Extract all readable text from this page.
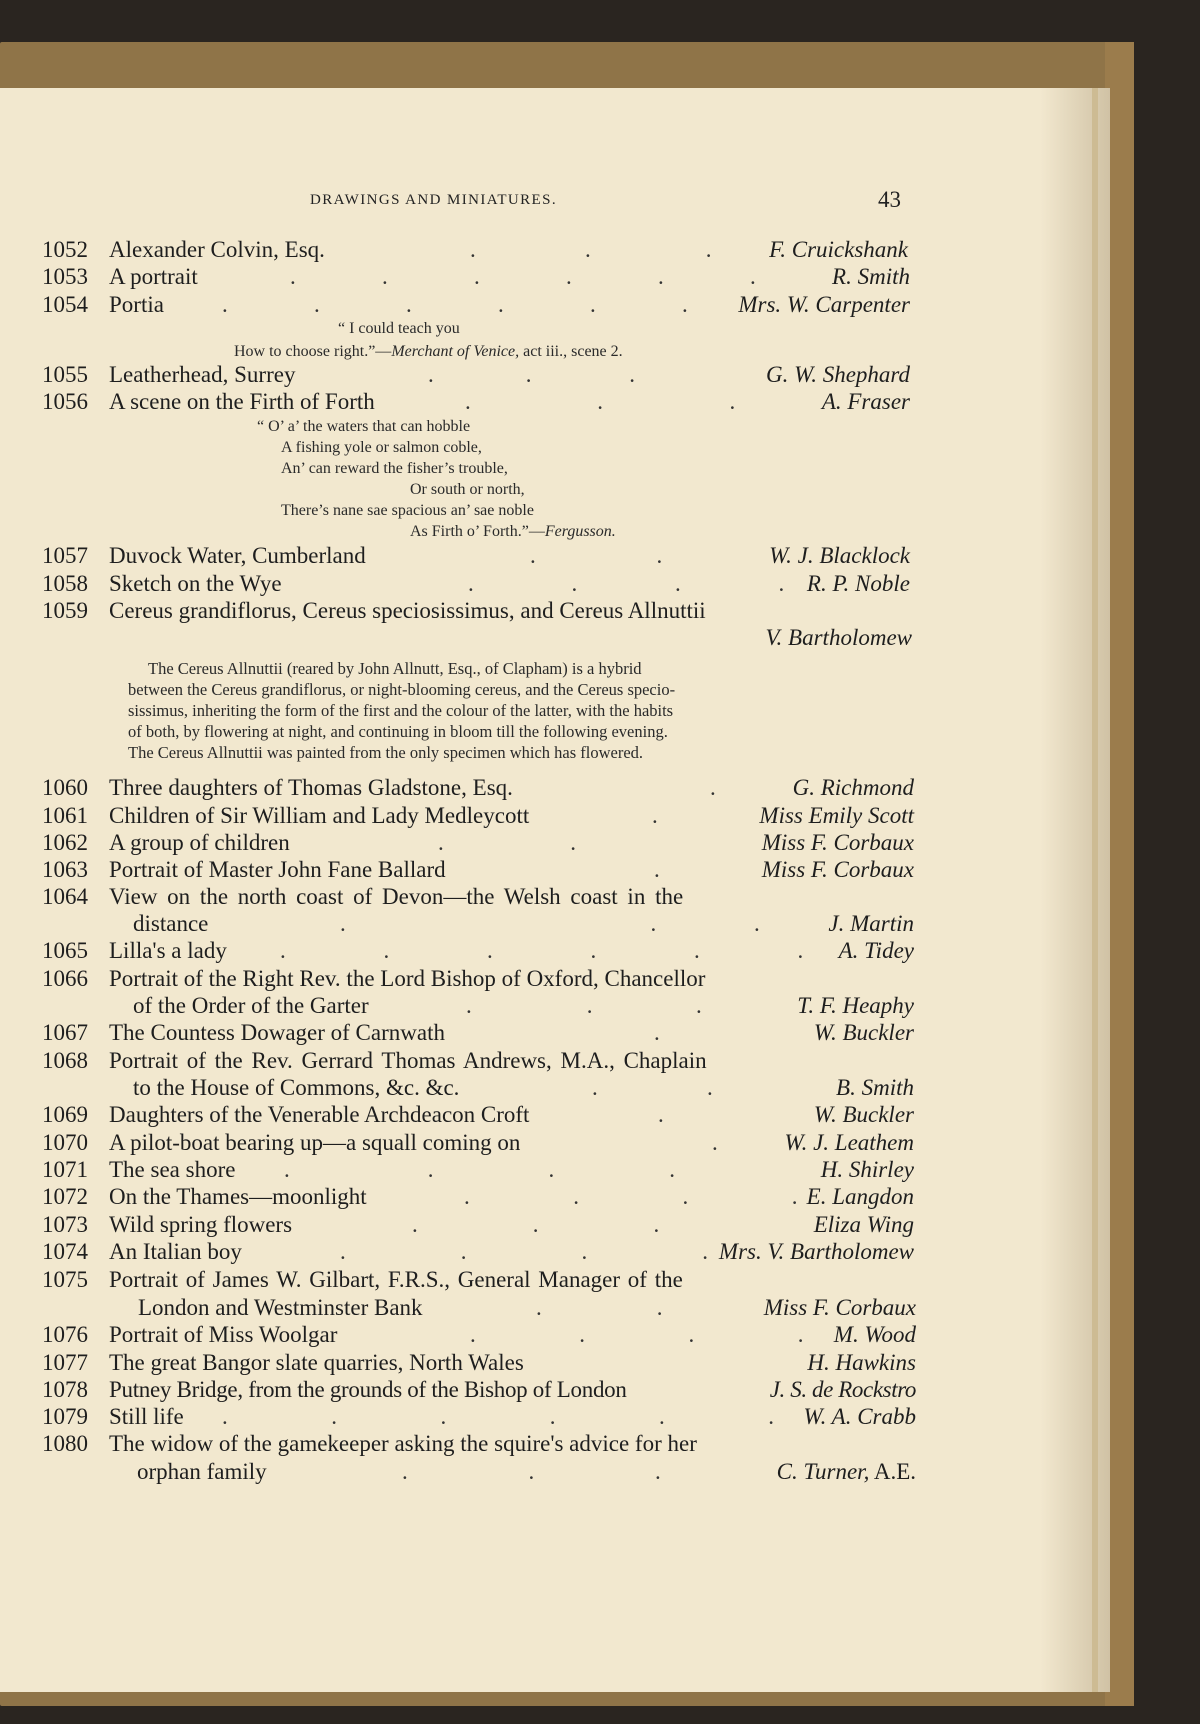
DRAWINGS AND MINIATURES.	43
1052 Alexander Colvin, Esq.	.                   .                    .	F. Cruickshank
1053 A portrait	.               .               .               .               .               .	R. Smith
1054 Portia	.               .               .               .               .               . Mrs. W. Carpenter
“ I could teach you
How to choose right.”—Merchant of Venice, act iii., scene 2.
1055 Leatherhead, Surrey	.                .                 .	G. W. Shephard
1056 A scene on the Firth of Forth	.                      .                      .	A. Fraser
“ O’ a’ the waters that can hobble
A fishing yole or salmon coble,
An’ can reward the fisher’s trouble,
Or south or north,
There’s nane sae spacious an’ sae noble
As Firth o’ Forth.”—Fergusson.
1057 Duvock Water, Cumberland	.                     .	W. J. Blacklock
1058 Sketch on the Wye	.                 .                 .                 . R. P. Noble
1059 Cereus grandiflorus, Cereus speciosissimus, and Cereus Allnuttii
V. Bartholomew
The Cereus Allnuttii (reared by John Allnutt, Esq., of Clapham) is a hybrid
between the Cereus grandiflorus, or night-blooming cereus, and the Cereus specio-
sissimus, inheriting the form of the first and the colour of the latter, with the habits
of both, by flowering at night, and continuing in bloom till the following evening.
The Cereus Allnuttii was painted from the only specimen which has flowered.
1060 Three daughters of Thomas Gladstone, Esq.	.	G. Richmond
1061 Children of Sir William and Lady Medleycott	.	Miss Emily Scott
1062 A group of children	.                      .	Miss F. Corbaux
1063 Portrait of Master John Fane Ballard	.	Miss F. Corbaux
1064 View on the north coast of Devon—the Welsh coast in the
distance	.                                                     .                 .	J. Martin
1065 Lilla's a lady .                 .                 .                 .                 .                 . A. Tidey
1066 Portrait of the Right Rev. the Lord Bishop of Oxford, Chancellor
of the Order of the Garter	.                    .                  .	T. F. Heaphy
1067 The Countess Dowager of Carnwath	.	W. Buckler
1068 Portrait of the Rev. Gerrard Thomas Andrews, M.A., Chaplain
to the House of Commons, &c. &c.	.                   .	B. Smith
1069 Daughters of the Venerable Archdeacon Croft	.	W. Buckler
1070 A pilot-boat bearing up—a squall coming on	.	W. J. Leathem
1071 The sea shore .                        .                    .                    .	H. Shirley
1072 On the Thames—moonlight	.                  .                  .                  . E. Langdon
1073 Wild spring flowers	.                    .                    .	Eliza Wing
1074 An Italian boy	.                    .                    .                    . Mrs. V. Bartholomew
1075 Portrait of James W. Gilbart, F.R.S., General Manager of the
London and Westminster Bank	.                    .	Miss F. Corbaux
1076 Portrait of Miss Woolgar	.                  .                  .                  . M. Wood
1077 The great Bangor slate quarries, North Wales	H. Hawkins
1078 Putney Bridge, from the grounds of the Bishop of London	J. S. de Rockstro
1079 Still life .                  .                  .                  .                  .                  . W. A. Crabb
1080 The widow of the gamekeeper asking the squire's advice for her
orphan family	.                     .                     .	C. Turner, A.E.
